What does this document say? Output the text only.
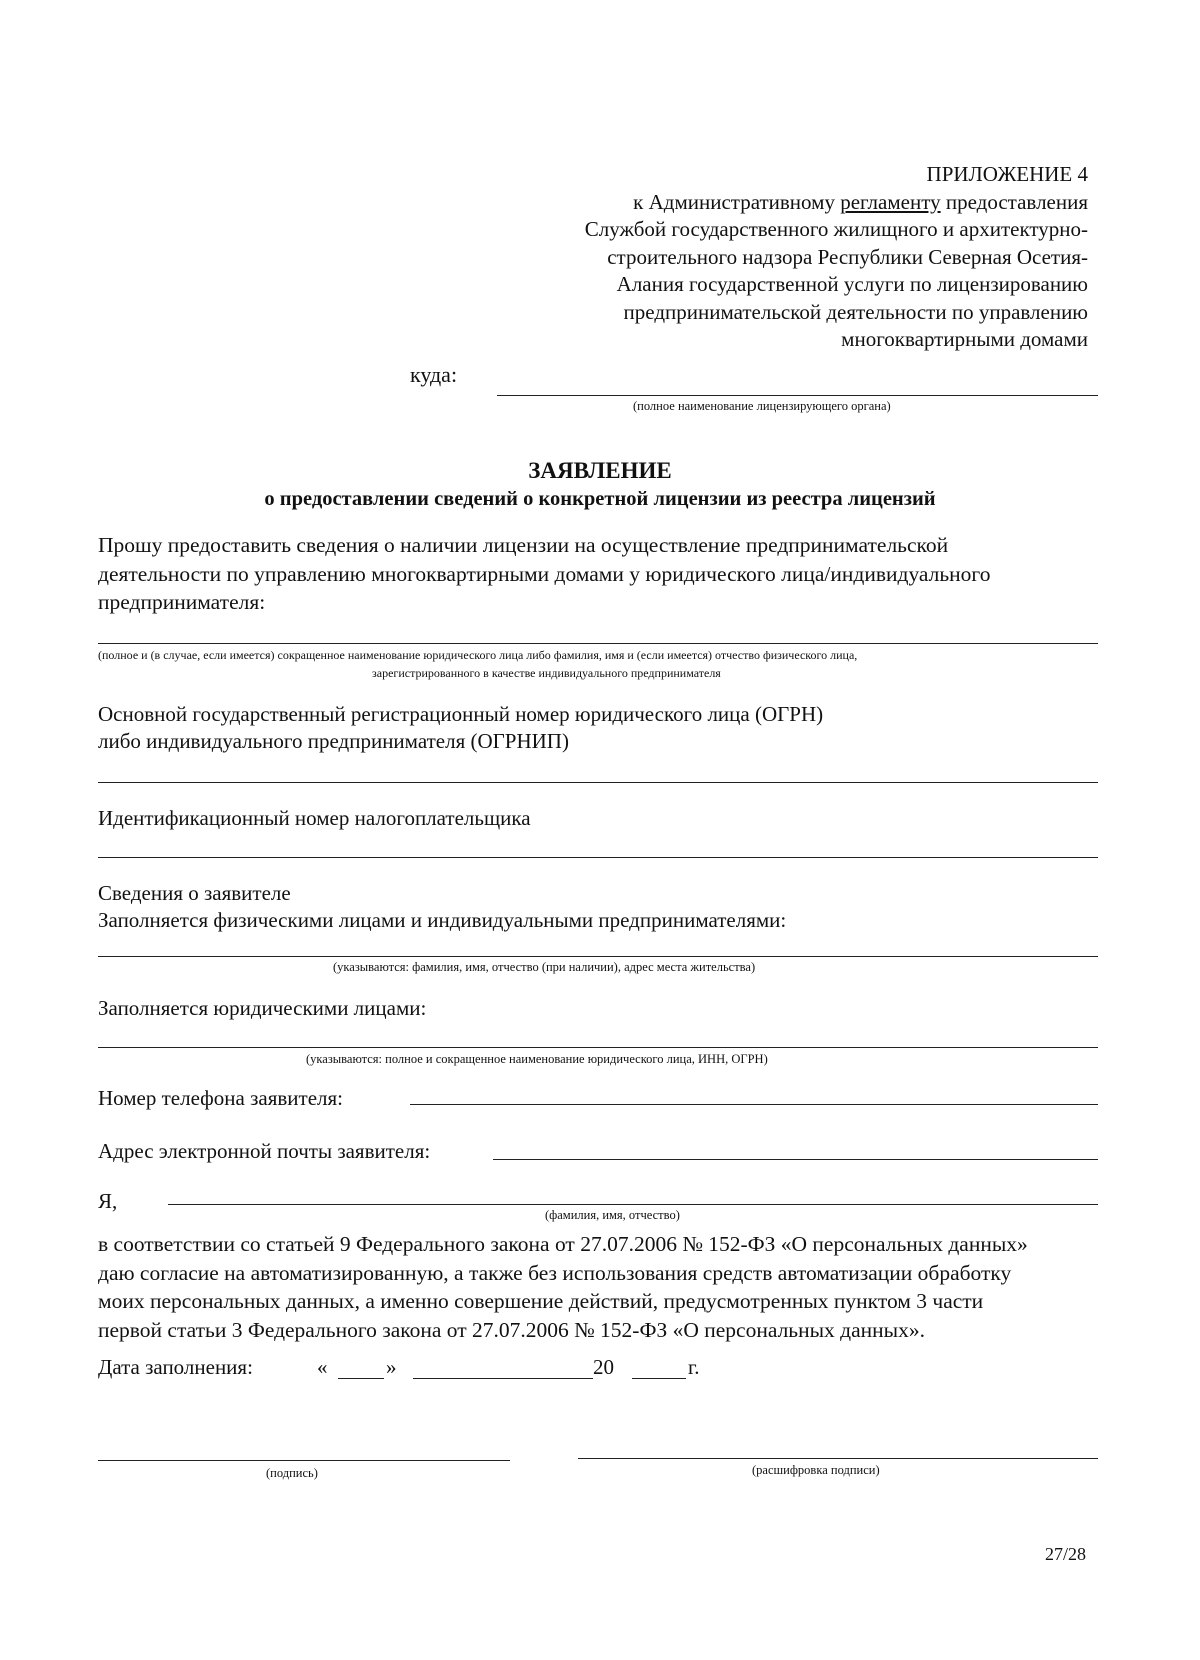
ПРИЛОЖЕНИЕ 4
к Административному регламенту предоставления
Службой государственного жилищного и архитектурно-
строительного надзора Республики Северная Осетия-
Алания государственной услуги по лицензированию
предпринимательской деятельности по управлению
многоквартирными домами
куда:
(полное наименование лицензирующего органа)
ЗАЯВЛЕНИЕ
о предоставлении сведений о конкретной лицензии из реестра лицензий

Прошу предоставить сведения о наличии лицензии на осуществление предпринимательской

деятельности по управлению многоквартирными домами у юридического лица/индивидуального

предпринимателя:

(полное и (в случае, если имеется) сокращенное наименование юридического лица либо фамилия, имя и (если имеется) отчество физического лица,
зарегистрированного в качестве индивидуального предпринимателя
Основной государственный регистрационный номер юридического лица (ОГРН)
либо индивидуального предпринимателя (ОГРНИП)
Идентификационный номер налогоплательщика
Сведения о заявителе
Заполняется физическими лицами и индивидуальными предпринимателями:
(указываются: фамилия, имя, отчество (при наличии), адрес места жительства)
Заполняется юридическими лицами:
(указываются: полное и сокращенное наименование юридического лица, ИНН, ОГРН)
Номер телефона заявителя:
Адрес электронной почты заявителя:
Я,
(фамилия, имя, отчество)

в соответствии со статьей 9 Федерального закона от 27.07.2006 № 152-ФЗ «О персональных данных»

даю согласие на автоматизированную, а также без использования средств автоматизации обработку

моих персональных данных, а именно совершение действий, предусмотренных пунктом 3 части

первой статьи 3 Федерального закона от 27.07.2006 № 152-ФЗ «О персональных данных».

Дата заполнения:	«	»	20	г.
(подпись)	(расшифровка подписи)
27/28
